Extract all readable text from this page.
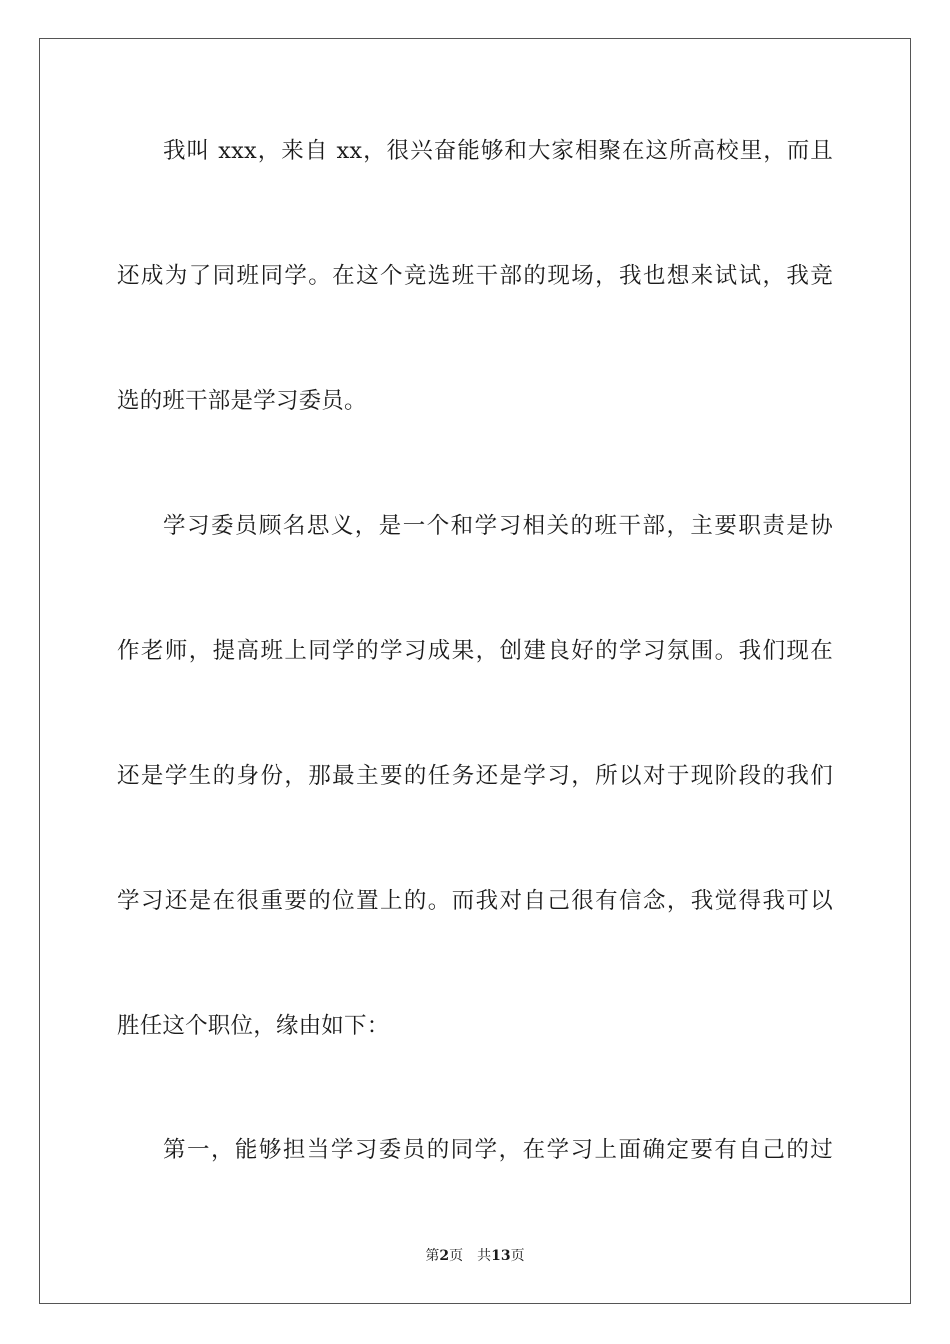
我叫 xxx，来自 xx，很兴奋能够和大家相聚在这所高校里，而且
还成为了同班同学。在这个竞选班干部的现场，我也想来试试，我竞
选的班干部是学习委员。
学习委员顾名思义，是一个和学习相关的班干部，主要职责是协
作老师，提高班上同学的学习成果，创建良好的学习氛围。我们现在
还是学生的身份，那最主要的任务还是学习，所以对于现阶段的我们
学习还是在很重要的位置上的。而我对自己很有信念，我觉得我可以
胜任这个职位，缘由如下：
第一，能够担当学习委员的同学，在学习上面确定要有自己的过
第2页　共13页
